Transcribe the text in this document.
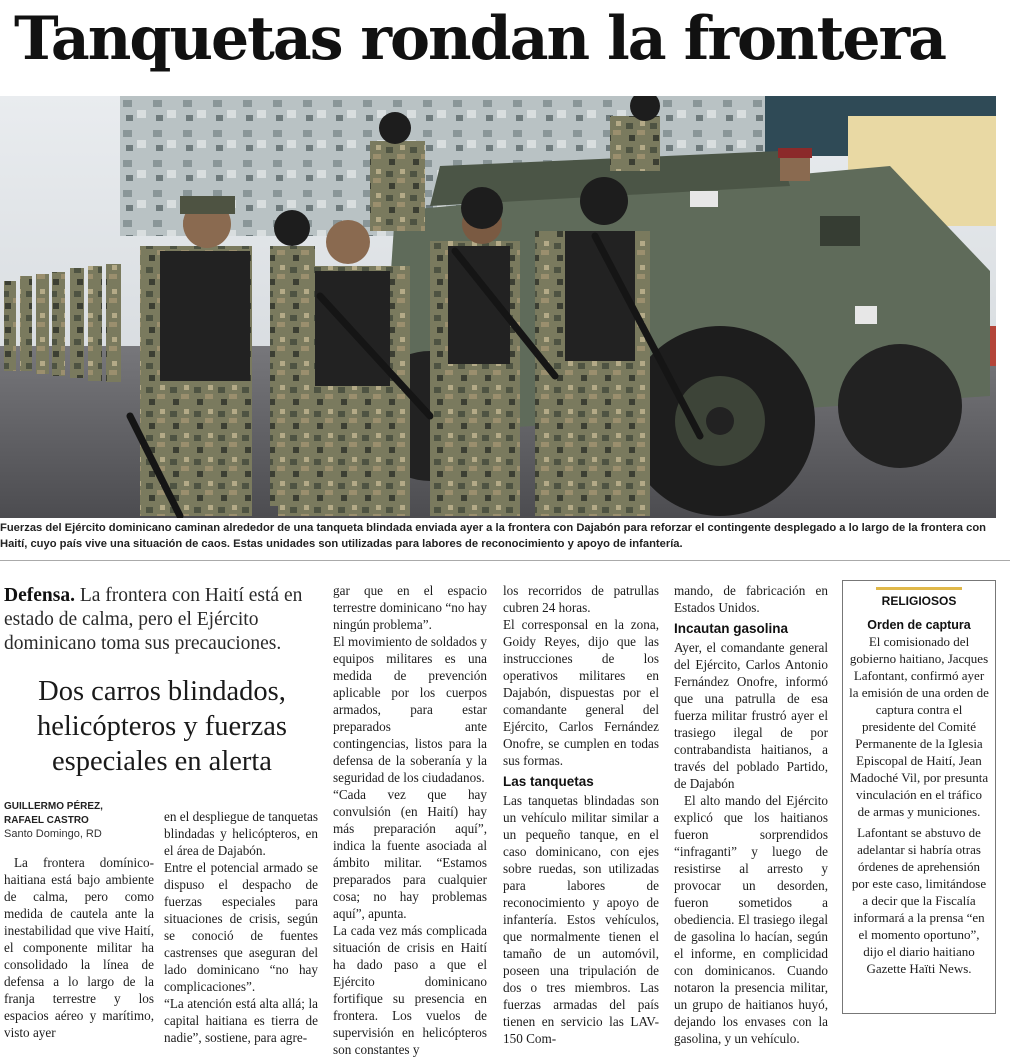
Tanquetas rondan la frontera
Fuerzas del Ejército dominicano caminan alrededor de una tanqueta blindada enviada ayer a la frontera con Dajabón para reforzar el contingente desplegado a lo largo de la frontera con Haití, cuyo país vive una situación de caos. Estas unidades son utilizadas para labores de reconocimiento y apoyo de infantería.
Defensa. La frontera con Haití está en estado de calma, pero el Ejército dominicano toma sus precauciones.
Dos carros blindados, helicópteros y fuerzas especiales en alerta
GUILLERMO PÉREZ,
RAFAEL CASTRO
Santo Domingo, RD

La frontera domínico-haitiana está bajo ambiente de calma, pero como medida de cautela ante la inestabilidad que vive Haití, el componente militar ha consolidado la línea de defensa a lo largo de la franja terrestre y los espacios aéreo y marítimo, visto ayer

en el despliegue de tanquetas blindadas y helicópteros, en el área de Dajabón.

Entre el potencial armado se dispuso el despacho de fuerzas especiales para situaciones de crisis, según se conoció de fuentes castrenses que aseguran del lado dominicano “no hay complicaciones”.

“La atención está alta allá; la capital haitiana es tierra de nadie”, sostiene, para agre-

gar que en el espacio terrestre dominicano “no hay ningún problema”.

El movimiento de soldados y equipos militares es una medida de prevención aplicable por los cuerpos armados, para estar preparados ante contingencias, listos para la defensa de la soberanía y la seguridad de los ciudadanos.

“Cada vez que hay convulsión (en Haití) hay más preparación aquí”, indica la fuente asociada al ámbito militar. “Estamos preparados para cualquier cosa; no hay problemas aquí”, apunta.

La cada vez más complicada situación de crisis en Haití ha dado paso a que el Ejército dominicano fortifique su presencia en frontera. Los vuelos de supervisión en helicópteros son constantes y

los recorridos de patrullas cubren 24 horas.

El corresponsal en la zona, Goidy Reyes, dijo que las instrucciones de los operativos militares en Dajabón, dispuestas por el comandante general del Ejército, Carlos Fernández Onofre, se cumplen en todas sus formas.

Las tanquetas

Las tanquetas blindadas son un vehículo militar similar a un pequeño tanque, en el caso dominicano, con ejes sobre ruedas, son utilizadas para labores de reconocimiento y apoyo de infantería. Estos vehículos, que normalmente tienen el tamaño de un automóvil, poseen una tripulación de dos o tres miembros. Las fuerzas armadas del país tienen en servicio las LAV-150 Com-

mando, de fabricación en Estados Unidos.

Incautan gasolina

Ayer, el comandante general del Ejército, Carlos Antonio Fernández Onofre, informó que una patrulla de esa fuerza militar frustró ayer el trasiego ilegal de por contrabandista haitianos, a través del poblado Partido, de Dajabón

El alto mando del Ejército explicó que los haitianos fueron sorprendidos “infraganti” y luego de resistirse al arresto y provocar un desorden, fueron sometidos a obediencia. El trasiego ilegal de gasolina lo hacían, según el informe, en complicidad con dominicanos. Cuando notaron la presencia militar, un grupo de haitianos huyó, dejando los envases con la gasolina, y un vehículo.

RELIGIOSOS
Orden de captura

El comisionado del gobierno haitiano, Jacques Lafontant, confirmó ayer la emisión de una orden de captura contra el presidente del Comité Permanente de la Iglesia Episcopal de Haití, Jean Madoché Vil, por presunta vinculación en el tráfico de armas y municiones.

Lafontant se abstuvo de adelantar si habría otras órdenes de aprehensión por este caso, limitándose a decir que la Fiscalía informará a la prensa “en el momento oportuno”, dijo el diario haitiano Gazette Haïti News.
